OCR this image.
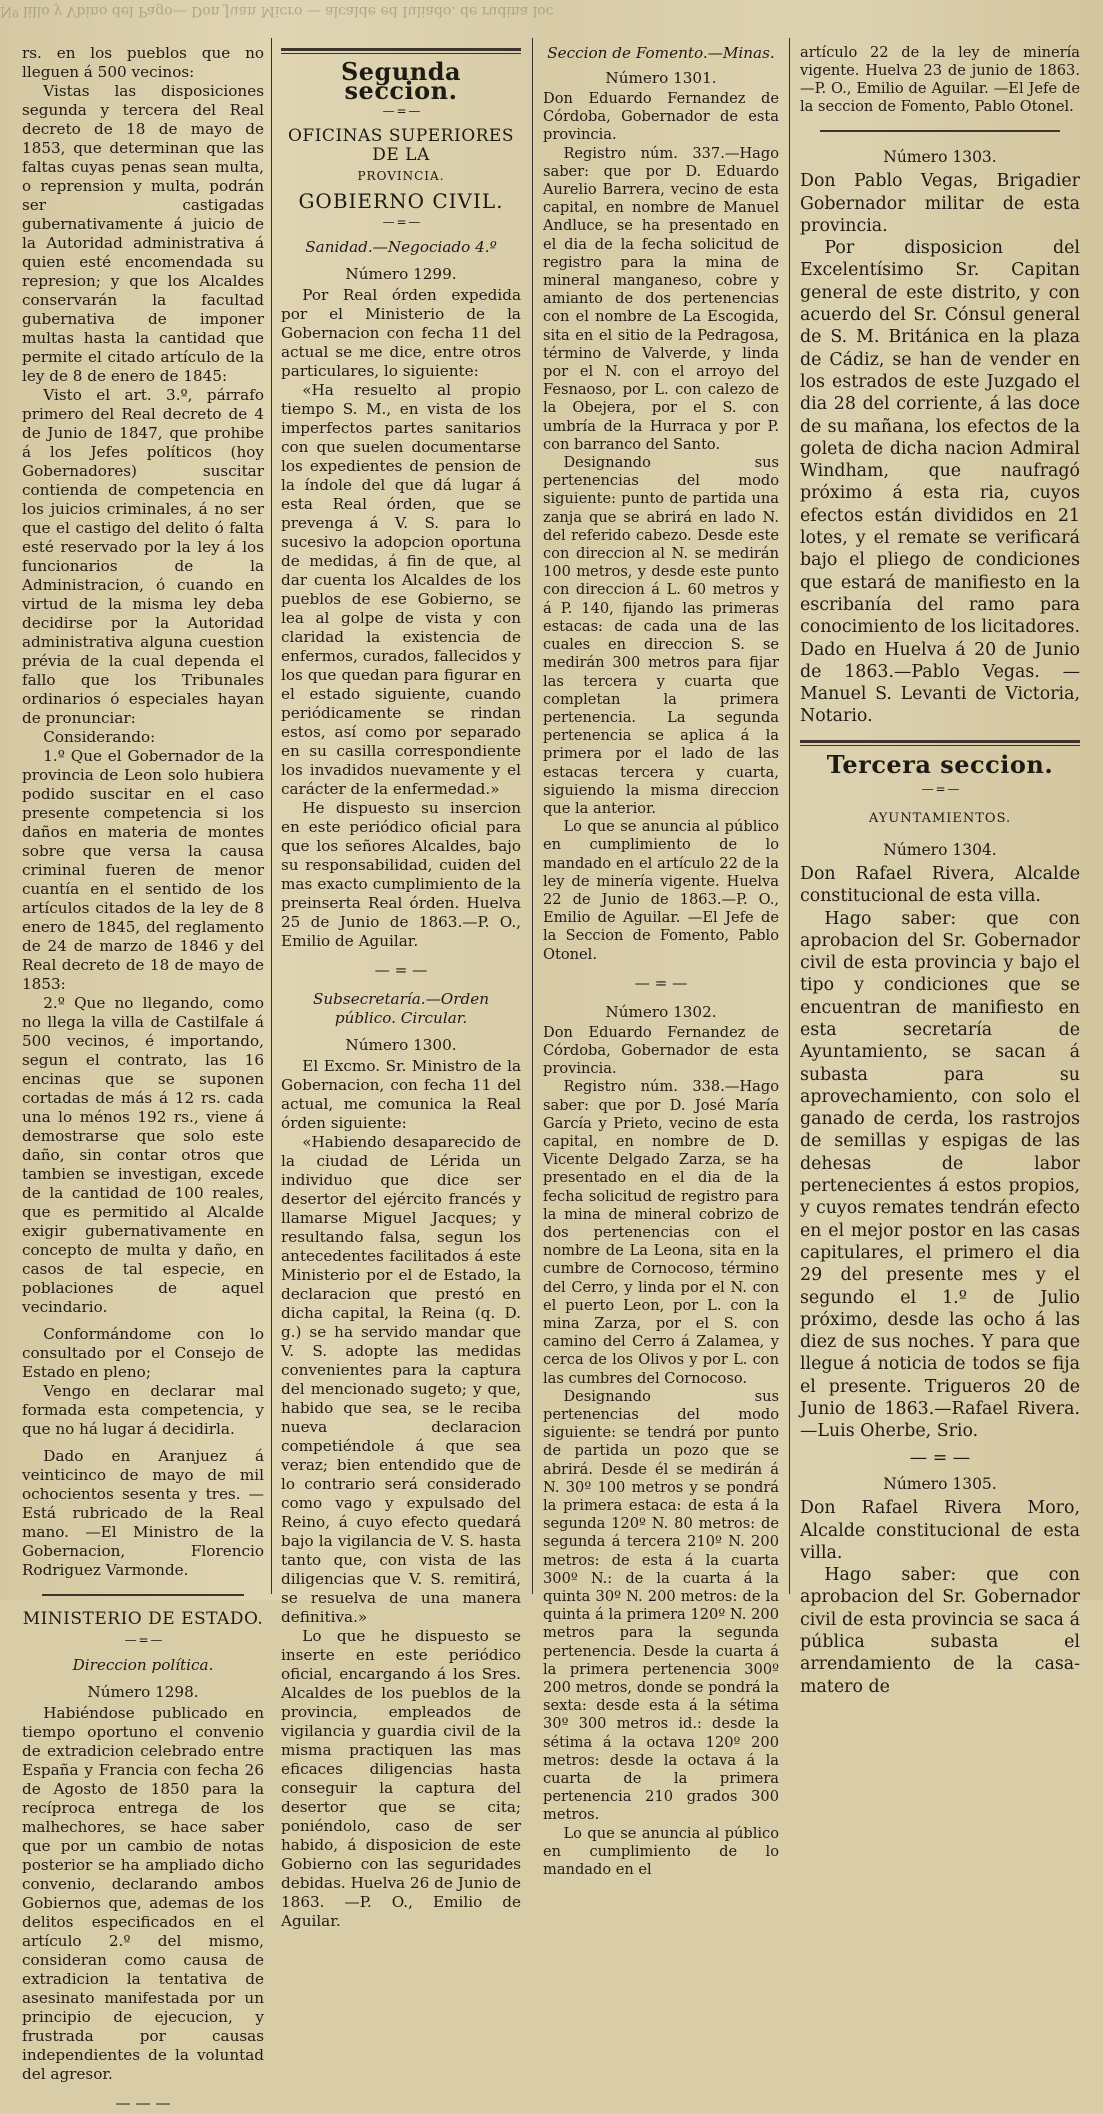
Nº lillo y Vbino del Pago— Don Juan Micro — alcalde ed Iuliado. de rudina loc

rs. en los pueblos que no lleguen á 500 vecinos:

Vistas las disposiciones segunda y tercera del Real decreto de 18 de mayo de 1853, que determinan que las faltas cuyas penas sean multa, o reprension y multa, podrán ser castigadas gubernativamente á juicio de la Autoridad administrativa á quien esté encomendada su represion; y que los Alcaldes conservarán la facultad gubernativa de imponer multas hasta la cantidad que permite el citado artículo de la ley de 8 de enero de 1845:

Visto el art. 3.º, párrafo primero del Real decreto de 4 de Junio de 1847, que prohibe á los Jefes políticos (hoy Gobernadores) suscitar contienda de competencia en los juicios criminales, á no ser que el castigo del delito ó falta esté reservado por la ley á los funcionarios de la Administracion, ó cuando en virtud de la misma ley deba decidirse por la Autoridad administrativa alguna cuestion prévia de la cual dependa el fallo que los Tribunales ordinarios ó especiales hayan de pronunciar:

Considerando:

1.º Que el Gobernador de la provincia de Leon solo hubiera podido suscitar en el caso presente competencia si los daños en materia de montes sobre que versa la causa criminal fueren de menor cuantía en el sentido de los artículos citados de la ley de 8 enero de 1845, del reglamento de 24 de marzo de 1846 y del Real decreto de 18 de mayo de 1853:

2.º Que no llegando, como no llega la villa de Castilfale á 500 vecinos, é importando, segun el contrato, las 16 encinas que se suponen cortadas de más á 12 rs. cada una lo ménos 192 rs., viene á demostrarse que solo este daño, sin contar otros que tambien se investigan, excede de la cantidad de 100 reales, que es permitido al Alcalde exigir gubernativamente en concepto de multa y daño, en casos de tal especie, en poblaciones de aquel vecindario.

Conformándome con lo consultado por el Consejo de Estado en pleno;

Vengo en declarar mal formada esta competencia, y que no há lugar á decidirla.

Dado en Aranjuez á veinticinco de mayo de mil ochocientos sesenta y tres. —Está rubricado de la Real mano. —El Ministro de la Gobernacion, Florencio Rodriguez Varmonde.

MINISTERIO DE ESTADO.
— = —
Direccion política.
Número 1298.

Habiéndose publicado en tiempo oportuno el convenio de extradicion celebrado entre España y Francia con fecha 26 de Agosto de 1850 para la recíproca entrega de los malhechores, se hace saber que por un cambio de notas posterior se ha ampliado dicho convenio, declarando ambos Gobiernos que, ademas de los delitos especificados en el artículo 2.º del mismo, consideran como causa de extradicion la tentativa de asesinato manifestada por un principio de ejecucion, y frustrada por causas independientes de la voluntad del agresor.

— — —
Segunda seccion.
— = —
OFICINAS SUPERIORES DE LA
PROVINCIA.
GOBIERNO CIVIL.
— = —
Sanidad.—Negociado 4.º
Número 1299.

Por Real órden expedida por el Ministerio de la Gobernacion con fecha 11 del actual se me dice, entre otros particulares, lo siguiente:

«Ha resuelto al propio tiempo S. M., en vista de los imperfectos partes sanitarios con que suelen documentarse los expedientes de pension de la índole del que dá lugar á esta Real órden, que se prevenga á V. S. para lo sucesivo la adopcion oportuna de medidas, á fin de que, al dar cuenta los Alcaldes de los pueblos de ese Gobierno, se lea al golpe de vista y con claridad la existencia de enfermos, curados, fallecidos y los que quedan para figurar en el estado siguiente, cuando periódicamente se rindan estos, así como por separado en su casilla correspondiente los invadidos nuevamente y el carácter de la enfermedad.»

He dispuesto su insercion en este periódico oficial para que los señores Alcaldes, bajo su responsabilidad, cuiden del mas exacto cumplimiento de la preinserta Real órden. Huelva 25 de Junio de 1863.—P. O., Emilio de Aguilar.

— = —
Subsecretaría.—Orden público. Circular.
Número 1300.

El Excmo. Sr. Ministro de la Gobernacion, con fecha 11 del actual, me comunica la Real órden siguiente:

«Habiendo desaparecido de la ciudad de Lérida un individuo que dice ser desertor del ejército francés y llamarse Miguel Jacques; y resultando falsa, segun los antecedentes facilitados á este Ministerio por el de Estado, la declaracion que prestó en dicha capital, la Reina (q. D. g.) se ha servido mandar que V. S. adopte las medidas convenientes para la captura del mencionado sugeto; y que, habido que sea, se le reciba nueva declaracion competiéndole á que sea veraz; bien entendido que de lo contrario será considerado como vago y expulsado del Reino, á cuyo efecto quedará bajo la vigilancia de V. S. hasta tanto que, con vista de las diligencias que V. S. remitirá, se resuelva de una manera definitiva.»

Lo que he dispuesto se inserte en este periódico oficial, encargando á los Sres. Alcaldes de los pueblos de la provincia, empleados de vigilancia y guardia civil de la misma practiquen las mas eficaces diligencias hasta conseguir la captura del desertor que se cita; poniéndolo, caso de ser habido, á disposicion de este Gobierno con las seguridades debidas. Huelva 26 de Junio de 1863. —P. O., Emilio de Aguilar.

Seccion de Fomento.—Minas.
Número 1301.

Don Eduardo Fernandez de Córdoba, Gobernador de esta provincia.

Registro núm. 337.—Hago saber: que por D. Eduardo Aurelio Barrera, vecino de esta capital, en nombre de Manuel Andluce, se ha presentado en el dia de la fecha solicitud de registro para la mina de mineral manganeso, cobre y amianto de dos pertenencias con el nombre de La Escogida, sita en el sitio de la Pedragosa, término de Valverde, y linda por el N. con el arroyo del Fesnaoso, por L. con calezo de la Obejera, por el S. con umbría de la Hurraca y por P. con barranco del Santo.

Designando sus pertenencias del modo siguiente: punto de partida una zanja que se abrirá en lado N. del referido cabezo. Desde este con direccion al N. se medirán 100 metros, y desde este punto con direccion á L. 60 metros y á P. 140, fijando las primeras estacas: de cada una de las cuales en direccion S. se medirán 300 metros para fijar las tercera y cuarta que completan la primera pertenencia. La segunda pertenencia se aplica á la primera por el lado de las estacas tercera y cuarta, siguiendo la misma direccion que la anterior.

Lo que se anuncia al público en cumplimiento de lo mandado en el artículo 22 de la ley de minería vigente. Huelva 22 de Junio de 1863.—P. O., Emilio de Aguilar. —El Jefe de la Seccion de Fomento, Pablo Otonel.

— = —
Número 1302.

Don Eduardo Fernandez de Córdoba, Gobernador de esta provincia.

Registro núm. 338.—Hago saber: que por D. José María García y Prieto, vecino de esta capital, en nombre de D. Vicente Delgado Zarza, se ha presentado en el dia de la fecha solicitud de registro para la mina de mineral cobrizo de dos pertenencias con el nombre de La Leona, sita en la cumbre de Cornocoso, término del Cerro, y linda por el N. con el puerto Leon, por L. con la mina Zarza, por el S. con camino del Cerro á Zalamea, y cerca de los Olivos y por L. con las cumbres del Cornocoso.

Designando sus pertenencias del modo siguiente: se tendrá por punto de partida un pozo que se abrirá. Desde él se medirán á N. 30º 100 metros y se pondrá la primera estaca: de esta á la segunda 120º N. 80 metros: de segunda á tercera 210º N. 200 metros: de esta á la cuarta 300º N.: de la cuarta á la quinta 30º N. 200 metros: de la quinta á la primera 120º N. 200 metros para la segunda pertenencia. Desde la cuarta á la primera pertenencia 300º 200 metros, donde se pondrá la sexta: desde esta á la sétima 30º 300 metros id.: desde la sétima á la octava 120º 200 metros: desde la octava á la cuarta de la primera pertenencia 210 grados 300 metros.

Lo que se anuncia al público en cumplimiento de lo mandado en el

artículo 22 de la ley de minería vigente. Huelva 23 de junio de 1863.—P. O., Emilio de Aguilar. —El Jefe de la seccion de Fomento, Pablo Otonel.

Número 1303.

Don Pablo Vegas, Brigadier Gobernador militar de esta provincia.

Por disposicion del Excelentísimo Sr. Capitan general de este distrito, y con acuerdo del Sr. Cónsul general de S. M. Británica en la plaza de Cádiz, se han de vender en los estrados de este Juzgado el dia 28 del corriente, á las doce de su mañana, los efectos de la goleta de dicha nacion Admiral Windham, que naufragó próximo á esta ria, cuyos efectos están divididos en 21 lotes, y el remate se verificará bajo el pliego de condiciones que estará de manifiesto en la escribanía del ramo para conocimiento de los licitadores. Dado en Huelva á 20 de Junio de 1863.—Pablo Vegas. —Manuel S. Levanti de Victoria, Notario.

Tercera seccion.
— = —
AYUNTAMIENTOS.
Número 1304.

Don Rafael Rivera, Alcalde constitucional de esta villa.

Hago saber: que con aprobacion del Sr. Gobernador civil de esta provincia y bajo el tipo y condiciones que se encuentran de manifiesto en esta secretaría de Ayuntamiento, se sacan á subasta para su aprovechamiento, con solo el ganado de cerda, los rastrojos de semillas y espigas de las dehesas de labor pertenecientes á estos propios, y cuyos remates tendrán efecto en el mejor postor en las casas capitulares, el primero el dia 29 del presente mes y el segundo el 1.º de Julio próximo, desde las ocho á las diez de sus noches. Y para que llegue á noticia de todos se fija el presente. Trigueros 20 de Junio de 1863.—Rafael Rivera.—Luis Oherbe, Srio.

— = —
Número 1305.

Don Rafael Rivera Moro, Alcalde constitucional de esta villa.

Hago saber: que con aprobacion del Sr. Gobernador civil de esta provincia se saca á pública subasta el arrendamiento de la casa-matero de
